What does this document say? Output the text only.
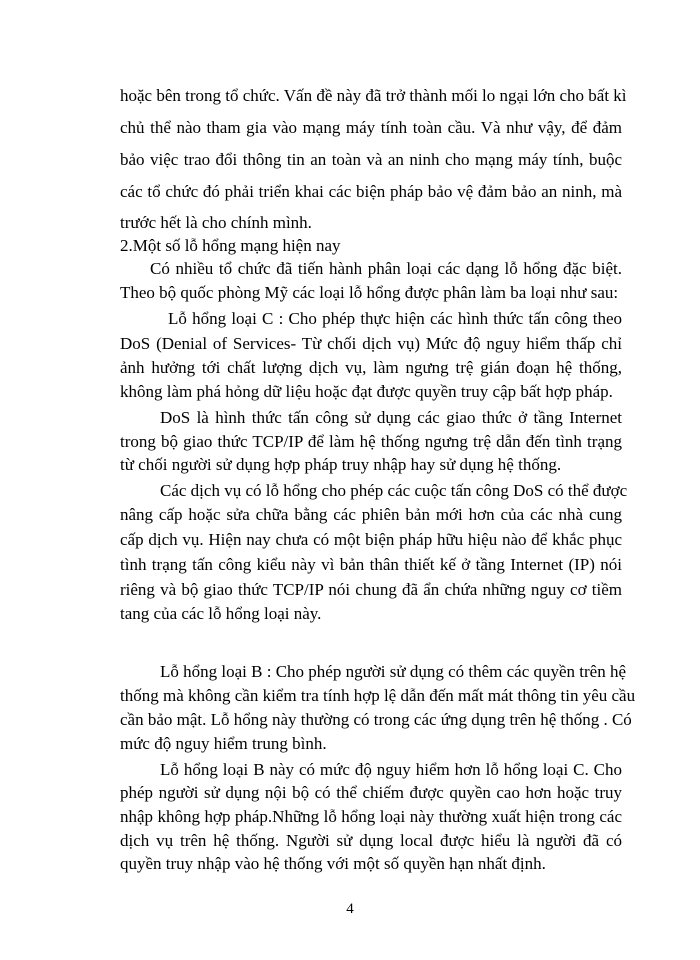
hoặc bên trong tổ chức. Vấn đề này đã trở thành mối lo ngại lớn cho bất kì
chủ thể nào tham gia vào mạng máy tính toàn cầu. Và như vậy, để đảm
bảo việc trao đổi thông tin an toàn và an ninh cho mạng máy tính, buộc
các tổ chức đó phải triển khai các biện pháp bảo vệ đảm bảo an ninh, mà
trước hết là cho chính mình.
2.Một số lỗ hổng mạng hiện nay
Có nhiều tổ chức đã tiến hành phân loại các dạng lỗ hổng đặc biệt.
Theo bộ quốc phòng Mỹ các loại lỗ hổng được phân làm ba loại như sau:
Lỗ hổng loại C : Cho phép thực hiện các hình thức tấn công theo
DoS (Denial of Services- Từ chối dịch vụ) Mức độ nguy hiểm thấp chỉ
ảnh hưởng tới chất lượng dịch vụ, làm ngưng trệ gián đoạn hệ thống,
không làm phá hỏng dữ liệu hoặc đạt được quyền truy cập bất hợp pháp.
DoS là hình thức tấn công sử dụng các giao thức ở tầng Internet
trong bộ giao thức TCP/IP để làm hệ thống ngưng trệ dẫn đến tình trạng
từ chối người sử dụng hợp pháp truy nhập hay sử dụng hệ thống.
Các dịch vụ có lỗ hổng cho phép các cuộc tấn công DoS có thể được
nâng cấp hoặc sửa chữa bằng các phiên bản mới hơn của các nhà cung
cấp dịch vụ. Hiện nay chưa có một biện pháp hữu hiệu nào để khắc phục
tình trạng tấn công kiểu này vì bản thân thiết kế ở tầng Internet (IP) nói
riêng và bộ giao thức TCP/IP nói chung đã ẩn chứa những nguy cơ tiềm
tang của các lỗ hổng loại này.
Lỗ hổng loại B : Cho phép người sử dụng có thêm các quyền trên hệ
thống mà không cần kiểm tra tính hợp lệ dẫn đến mất mát thông tin yêu cầu
cần bảo mật. Lỗ hổng này thường có trong các ứng dụng trên hệ thống . Có
mức độ nguy hiểm trung bình.
Lỗ hổng loại B này có mức độ nguy hiểm hơn lỗ hổng loại C. Cho
phép người sử dụng nội bộ có thể chiếm được quyền cao hơn hoặc truy
nhập không hợp pháp.Những lỗ hổng loại này thường xuất hiện trong các
dịch vụ trên hệ thống. Người sử dụng local được hiểu là người đã có
quyền truy nhập vào hệ thống với một số quyền hạn nhất định.
4
